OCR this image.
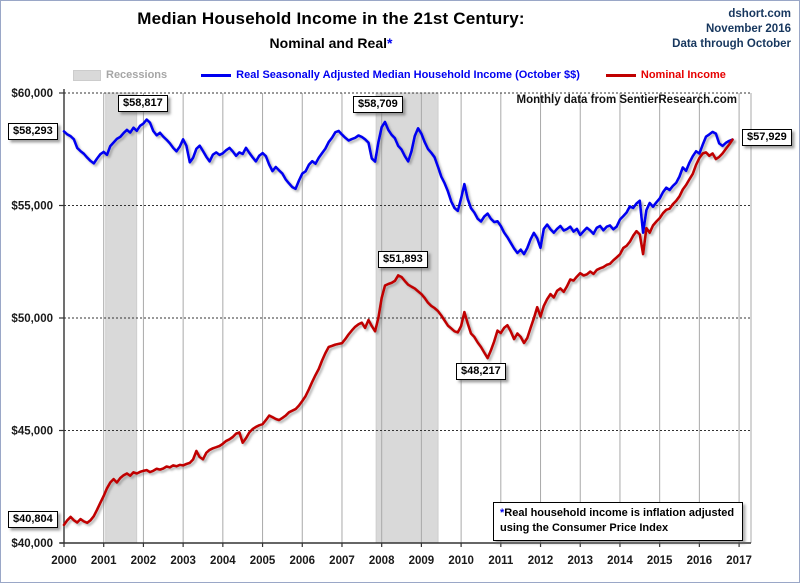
Median Household Income in the 21st Century:
Nominal and Real*
dshort.com
November 2016
Data through October
Recessions	Real Seasonally Adjusted Median Household Income (October $$)	Nominal Income
2000 2001 2002 2003 2004 2005 2006 2007 2008 2009 2010 2011 2012 2013 2014 2015 2016 2017
$40,000
$45,000
$50,000
$55,000
$60,000	Monthly data from SentierResearch.com
$58,293
$58,817	$58,709
$51,893
$48,217
$57,929
$40,804	*Real household income is inflation adjusted
using the Consumer Price Index
